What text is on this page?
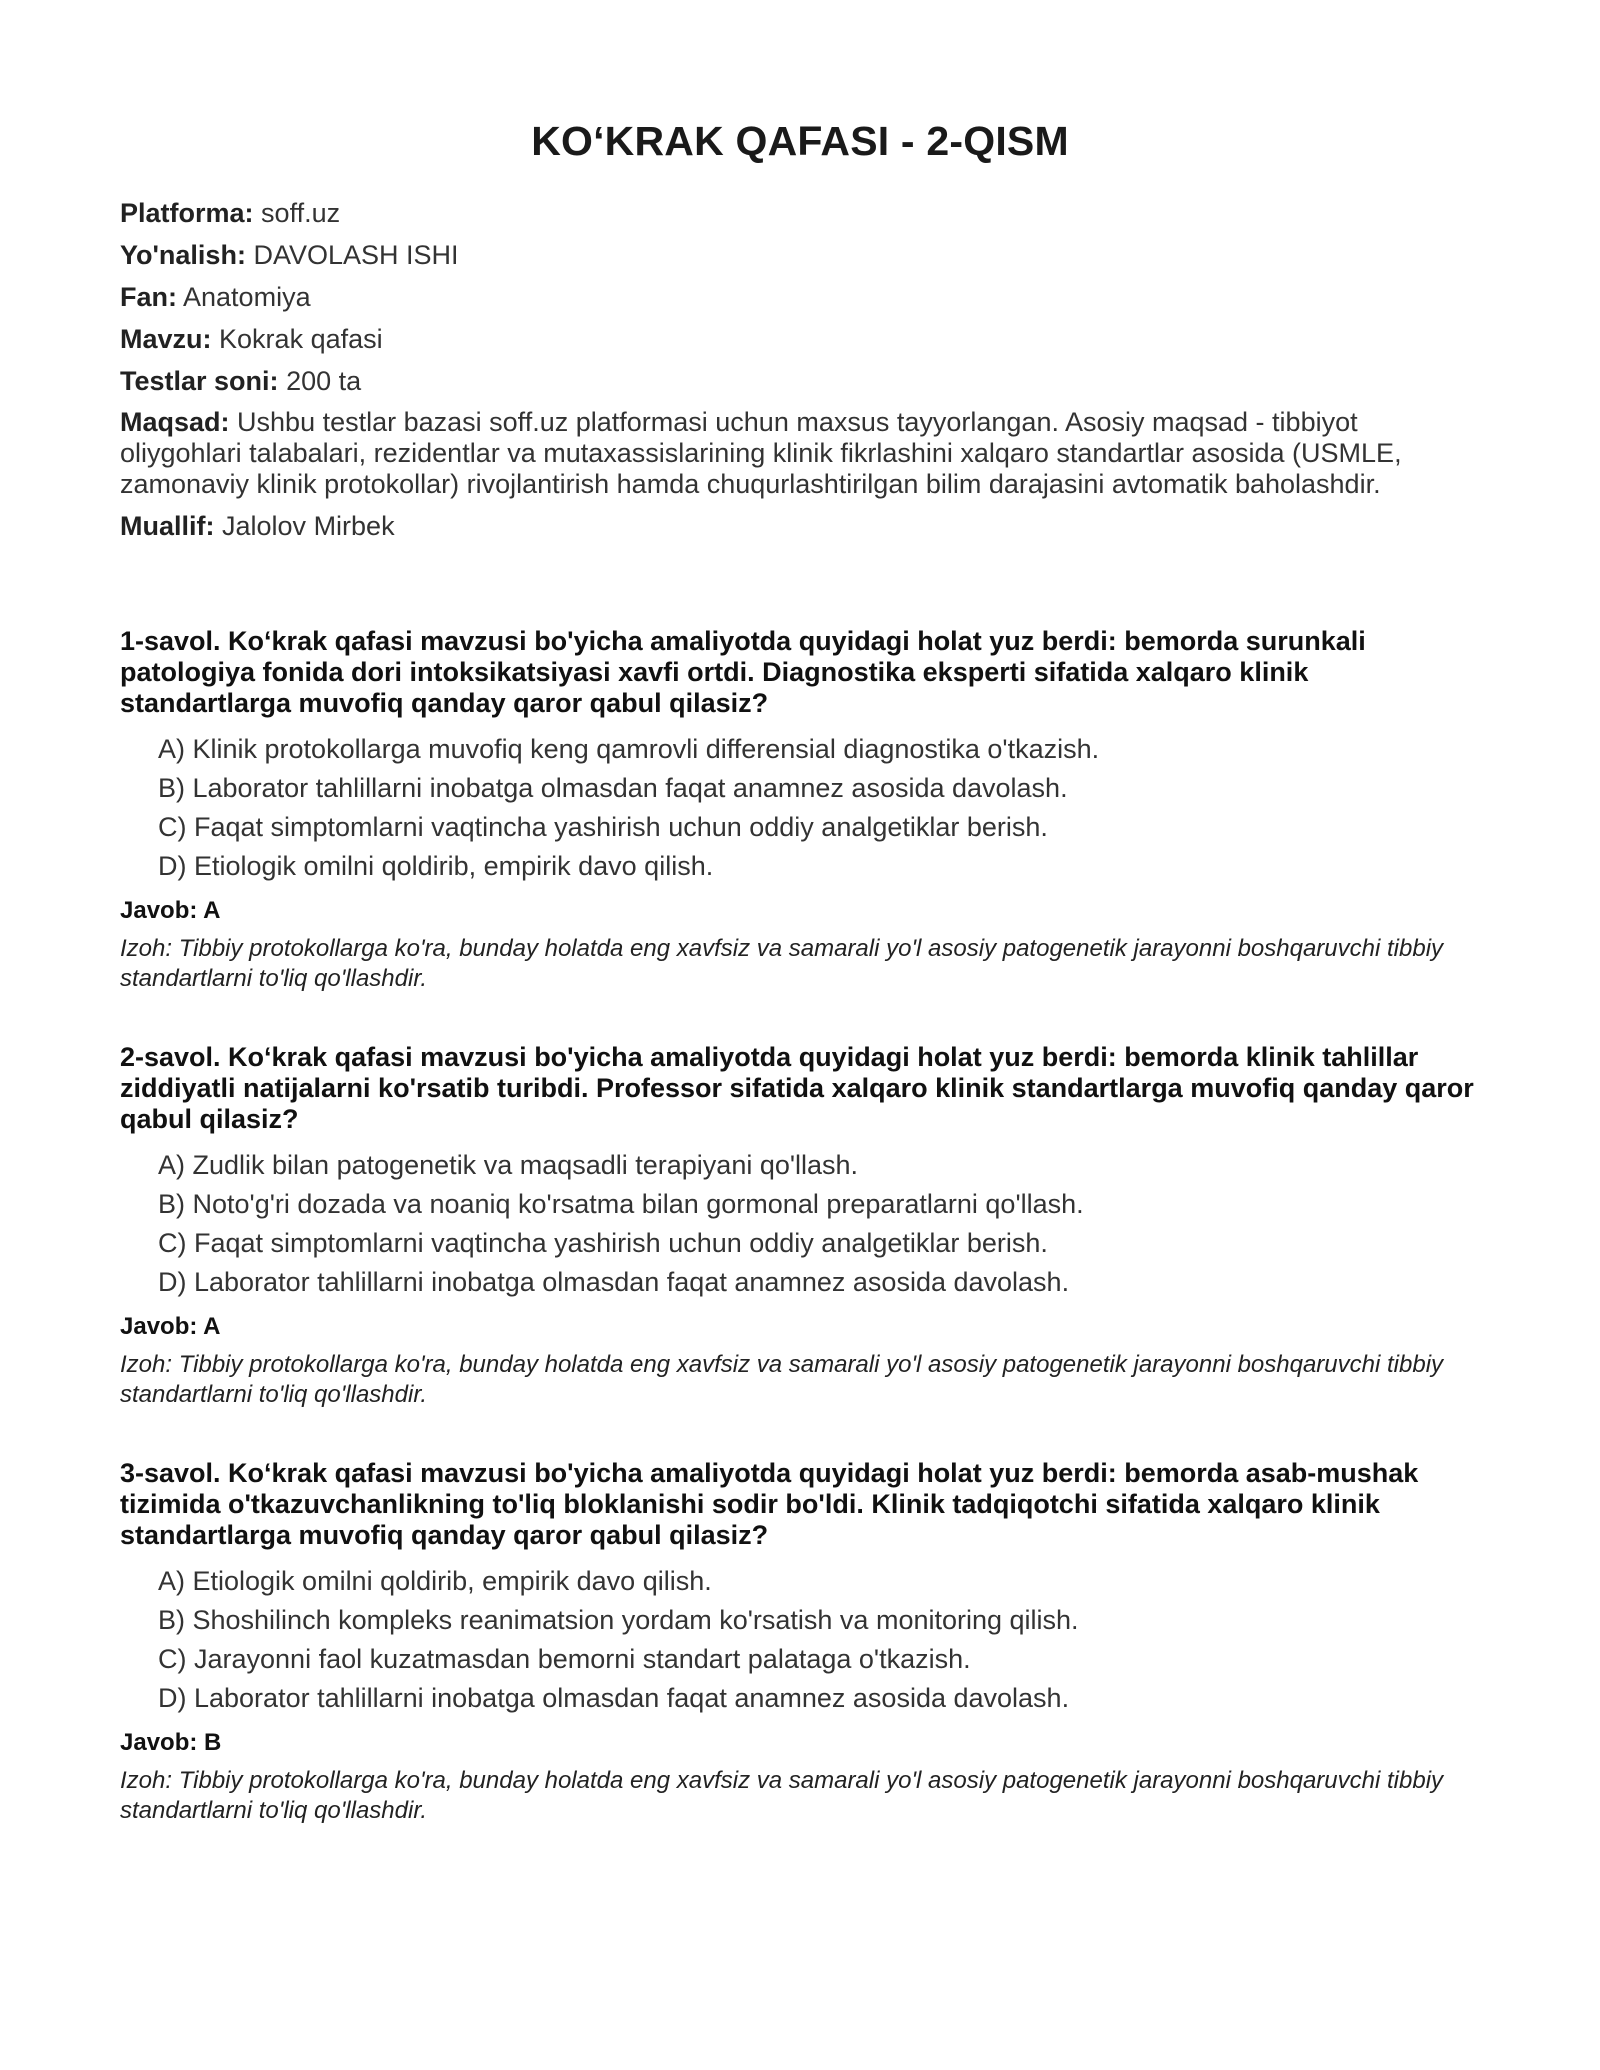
KO‘KRAK QAFASI - 2-QISM
Platforma: soff.uz
Yo'nalish: DAVOLASH ISHI
Fan: Anatomiya
Mavzu: Kokrak qafasi
Testlar soni: 200 ta
Maqsad: Ushbu testlar bazasi soff.uz platformasi uchun maxsus tayyorlangan. Asosiy maqsad - tibbiyot oliygohlari talabalari, rezidentlar va mutaxassislarining klinik fikrlashini xalqaro standartlar asosida (USMLE, zamonaviy klinik protokollar) rivojlantirish hamda chuqurlashtirilgan bilim darajasini avtomatik baholashdir.
Muallif: Jalolov Mirbek

1-savol. Ko‘krak qafasi mavzusi bo'yicha amaliyotda quyidagi holat yuz berdi: bemorda surunkali patologiya fonida dori intoksikatsiyasi xavfi ortdi. Diagnostika eksperti sifatida xalqaro klinik standartlarga muvofiq qanday qaror qabul qilasiz?

A) Klinik protokollarga muvofiq keng qamrovli differensial diagnostika o'tkazish.
B) Laborator tahlillarni inobatga olmasdan faqat anamnez asosida davolash.
C) Faqat simptomlarni vaqtincha yashirish uchun oddiy analgetiklar berish.
D) Etiologik omilni qoldirib, empirik davo qilish.
Javob: A
Izoh: Tibbiy protokollarga ko'ra, bunday holatda eng xavfsiz va samarali yo'l asosiy patogenetik jarayonni boshqaruvchi tibbiy standartlarni to'liq qo'llashdir.

2-savol. Ko‘krak qafasi mavzusi bo'yicha amaliyotda quyidagi holat yuz berdi: bemorda klinik tahlillar ziddiyatli natijalarni ko'rsatib turibdi. Professor sifatida xalqaro klinik standartlarga muvofiq qanday qaror qabul qilasiz?

A) Zudlik bilan patogenetik va maqsadli terapiyani qo'llash.
B) Noto'g'ri dozada va noaniq ko'rsatma bilan gormonal preparatlarni qo'llash.
C) Faqat simptomlarni vaqtincha yashirish uchun oddiy analgetiklar berish.
D) Laborator tahlillarni inobatga olmasdan faqat anamnez asosida davolash.
Javob: A
Izoh: Tibbiy protokollarga ko'ra, bunday holatda eng xavfsiz va samarali yo'l asosiy patogenetik jarayonni boshqaruvchi tibbiy standartlarni to'liq qo'llashdir.

3-savol. Ko‘krak qafasi mavzusi bo'yicha amaliyotda quyidagi holat yuz berdi: bemorda asab-mushak tizimida o'tkazuvchanlikning to'liq bloklanishi sodir bo'ldi. Klinik tadqiqotchi sifatida xalqaro klinik standartlarga muvofiq qanday qaror qabul qilasiz?

A) Etiologik omilni qoldirib, empirik davo qilish.
B) Shoshilinch kompleks reanimatsion yordam ko'rsatish va monitoring qilish.
C) Jarayonni faol kuzatmasdan bemorni standart palataga o'tkazish.
D) Laborator tahlillarni inobatga olmasdan faqat anamnez asosida davolash.
Javob: B
Izoh: Tibbiy protokollarga ko'ra, bunday holatda eng xavfsiz va samarali yo'l asosiy patogenetik jarayonni boshqaruvchi tibbiy standartlarni to'liq qo'llashdir.
